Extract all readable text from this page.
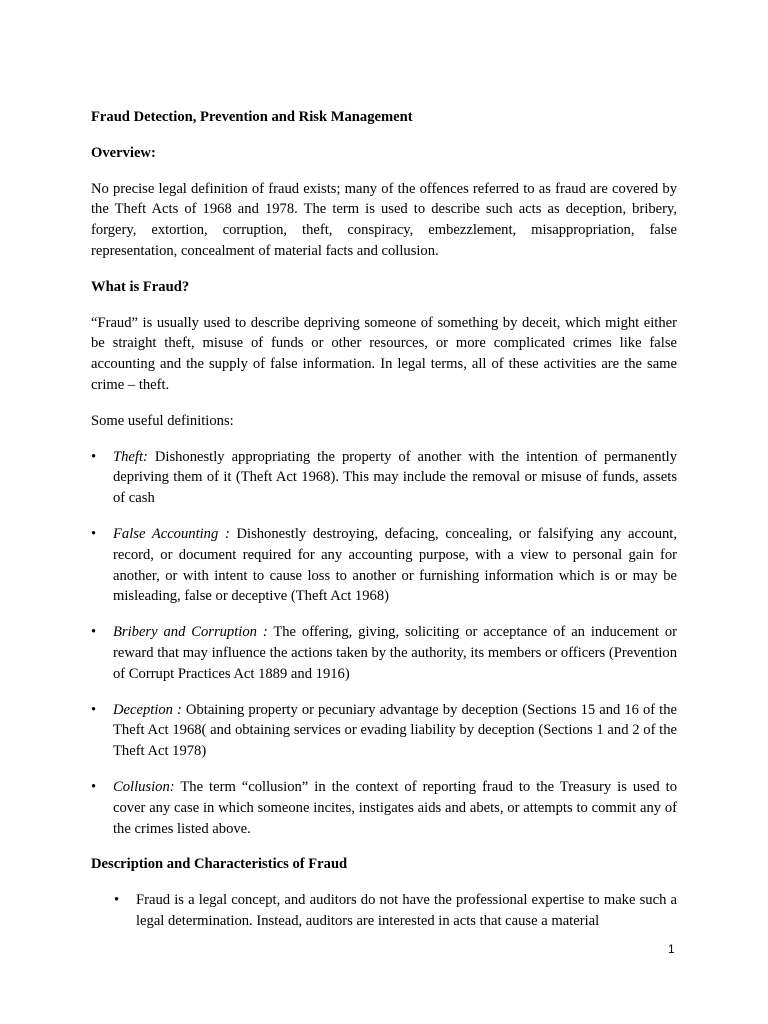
Fraud Detection, Prevention and Risk Management

Overview:

No precise legal definition of fraud exists; many of the offences referred to as fraud are covered by the Theft Acts of 1968 and 1978. The term is used to describe such acts as deception, bribery, forgery, extortion, corruption, theft, conspiracy, embezzlement, misappropriation, false representation, concealment of material facts and collusion.

What is Fraud?

“Fraud” is usually used to describe depriving someone of something by deceit, which might either be straight theft, misuse of funds or other resources, or more complicated crimes like false accounting and the supply of false information. In legal terms, all of these activities are the same crime – theft.

Some useful definitions:

• Theft: Dishonestly appropriating the property of another with the intention of permanently depriving them of it (Theft Act 1968). This may include the removal or misuse of funds, assets of cash
• False Accounting : Dishonestly destroying, defacing, concealing, or falsifying any account, record, or document required for any accounting purpose, with a view to personal gain for another, or with intent to cause loss to another or furnishing information which is or may be misleading, false or deceptive (Theft Act 1968)
• Bribery and Corruption : The offering, giving, soliciting or acceptance of an inducement or reward that may influence the actions taken by the authority, its members or officers (Prevention of Corrupt Practices Act 1889 and 1916)
• Deception : Obtaining property or pecuniary advantage by deception (Sections 15 and 16 of the Theft Act 1968( and obtaining services or evading liability by deception (Sections 1 and 2 of the Theft Act 1978)
• Collusion: The term “collusion” in the context of reporting fraud to the Treasury is used to cover any case in which someone incites, instigates aids and abets, or attempts to commit any of the crimes listed above.

Description and Characteristics of Fraud

• Fraud is a legal concept, and auditors do not have the professional expertise to make such a legal determination. Instead, auditors are interested in acts that cause a material
1
